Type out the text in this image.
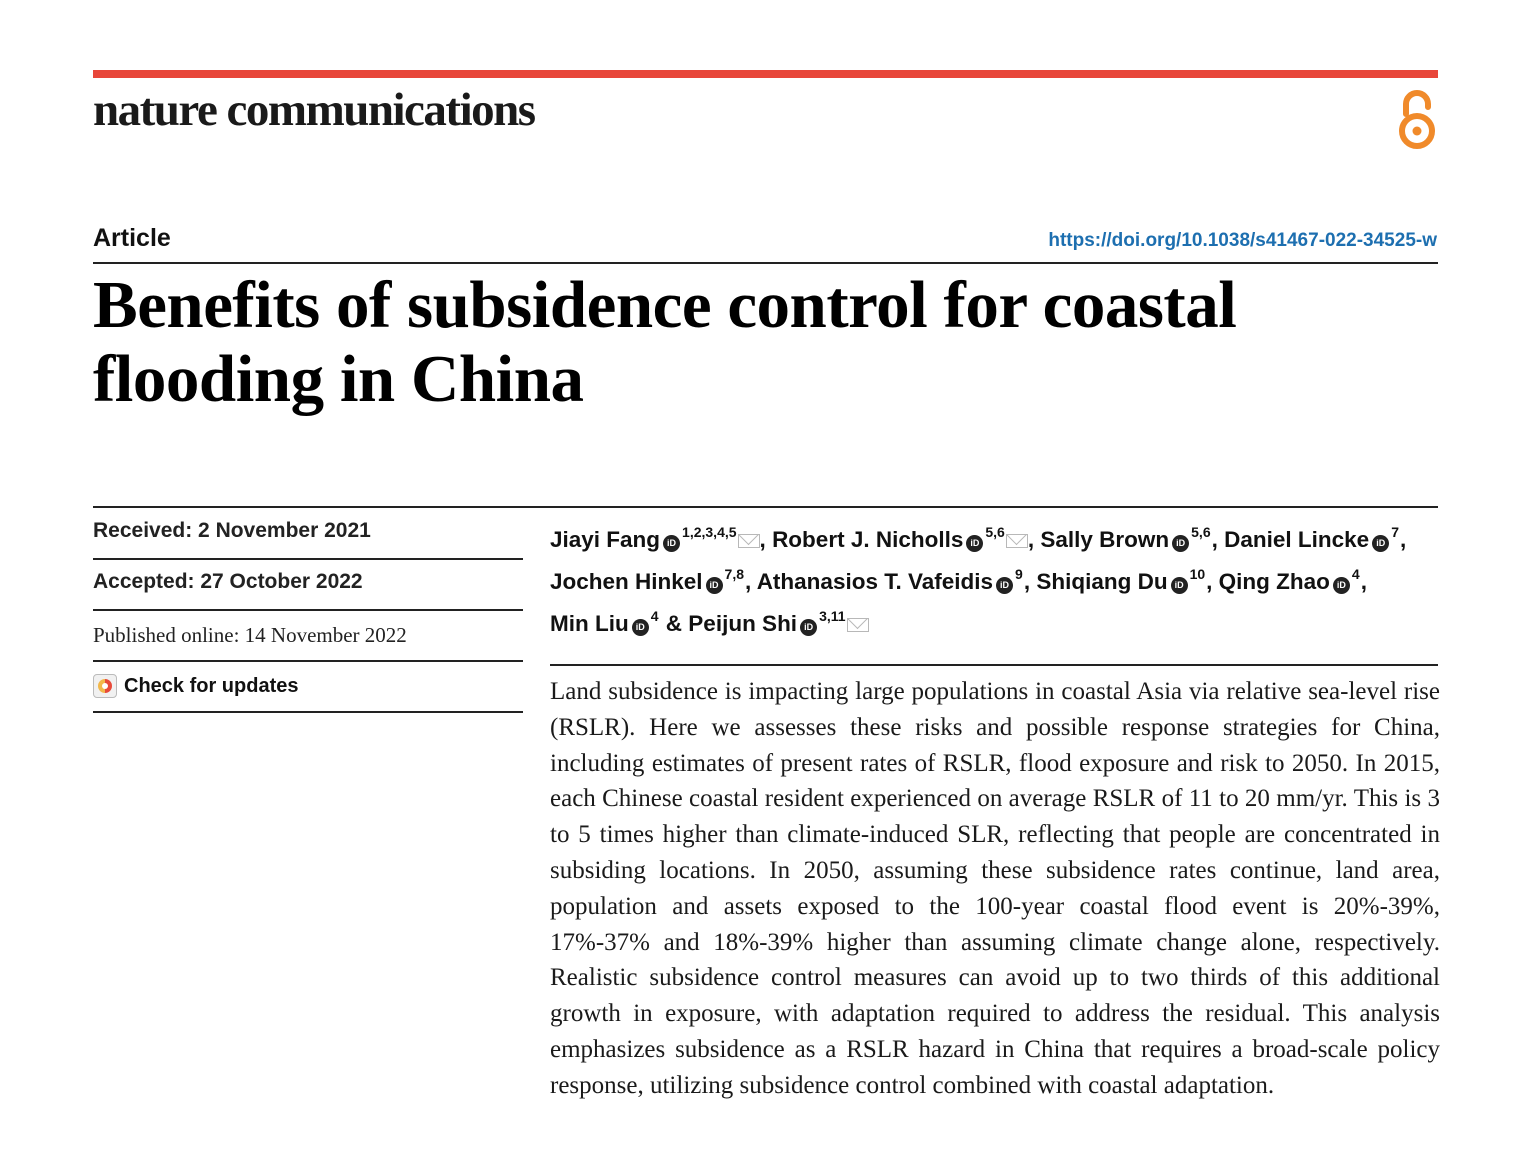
nature communications
Article	https://doi.org/10.1038/s41467-022-34525-w
Benefits of subsidence control for coastal flooding in China
Received: 2 November 2021
Accepted: 27 October 2022
Published online: 14 November 2022
Check for updates
Jiayi Fang iD$^{1,2,3,4,5}$ , Robert J. Nicholls iD$^{5,6}$ , Sally Brown iD$^{5,6}$, Daniel Lincke iD$^7$, Jochen Hinkel iD$^{7,8}$, Athanasios T. Vafeidis iD$^9$, Shiqiang Du iD$^{10}$, Qing Zhao iD$^4$, Min Liu iD$^4$ & Peijun Shi iD$^{3,11}$

Land subsidence is impacting large populations in coastal Asia via relative sea-level rise (RSLR). Here we assesses these risks and possible response strategies for China, including estimates of present rates of RSLR, flood exposure and risk to 2050. In 2015, each Chinese coastal resident experienced on average RSLR of 11 to 20 mm/yr. This is 3 to 5 times higher than climate-induced SLR, reflecting that people are concentrated in subsiding locations. In 2050, assuming these subsidence rates continue, land area, population and assets exposed to the 100-year coastal flood event is 20%-39%, 17%-37% and 18%-39% higher than assuming climate change alone, respectively. Realistic subsidence control measures can avoid up to two thirds of this additional growth in exposure, with adaptation required to address the residual. This analysis emphasizes subsidence as a RSLR hazard in China that requires a broad-scale policy response, utilizing subsidence control combined with coastal adaptation.
